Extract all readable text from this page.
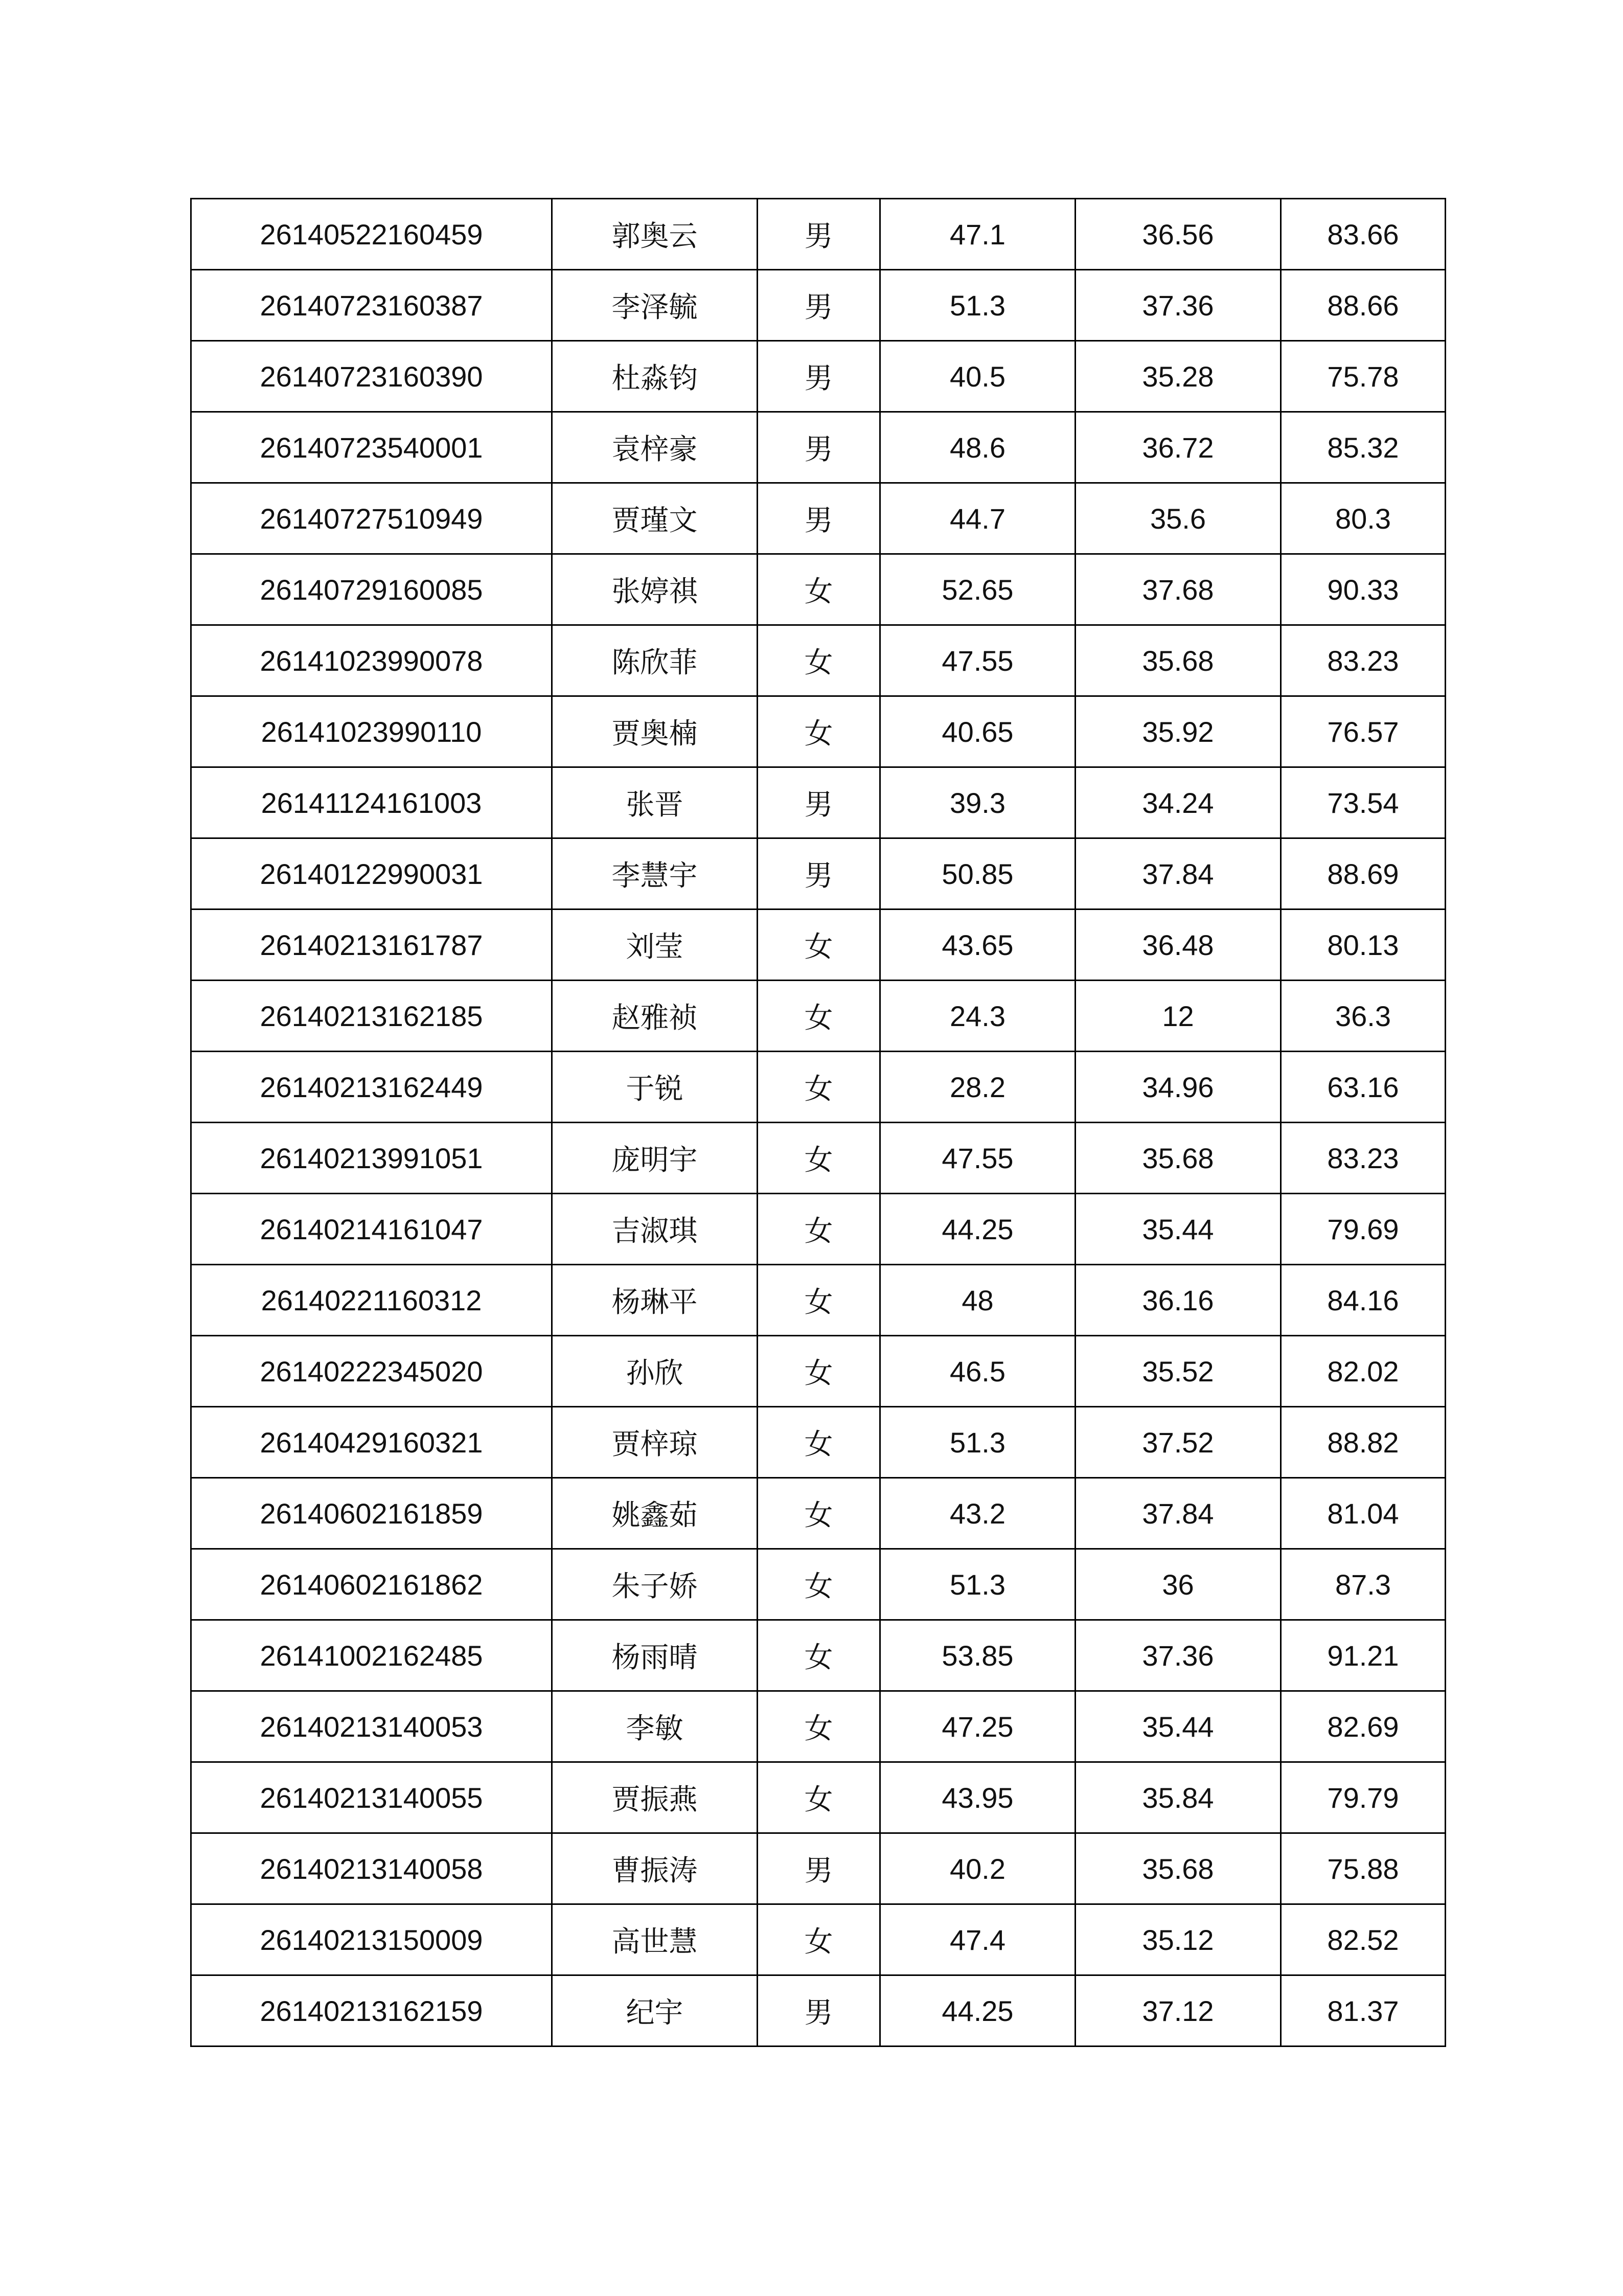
26140522160459	郭奥云	男	47.1	36.56	83.66
26140723160387	李泽毓	男	51.3	37.36	88.66
26140723160390	杜淼钧	男	40.5	35.28	75.78
26140723540001	袁梓豪	男	48.6	36.72	85.32
26140727510949	贾瑾文	男	44.7	35.6	80.3
26140729160085	张婷祺	女	52.65	37.68	90.33
26141023990078	陈欣菲	女	47.55	35.68	83.23
26141023990110	贾奥楠	女	40.65	35.92	76.57
26141124161003	张晋	男	39.3	34.24	73.54
26140122990031	李慧宇	男	50.85	37.84	88.69
26140213161787	刘莹	女	43.65	36.48	80.13
26140213162185	赵雅祯	女	24.3	12	36.3
26140213162449	于锐	女	28.2	34.96	63.16
26140213991051	庞明宇	女	47.55	35.68	83.23
26140214161047	吉淑琪	女	44.25	35.44	79.69
26140221160312	杨琳平	女	48	36.16	84.16
26140222345020	孙欣	女	46.5	35.52	82.02
26140429160321	贾梓琼	女	51.3	37.52	88.82
26140602161859	姚鑫茹	女	43.2	37.84	81.04
26140602161862	朱子娇	女	51.3	36	87.3
26141002162485	杨雨晴	女	53.85	37.36	91.21
26140213140053	李敏	女	47.25	35.44	82.69
26140213140055	贾振燕	女	43.95	35.84	79.79
26140213140058	曹振涛	男	40.2	35.68	75.88
26140213150009	高世慧	女	47.4	35.12	82.52
26140213162159	纪宇	男	44.25	37.12	81.37
